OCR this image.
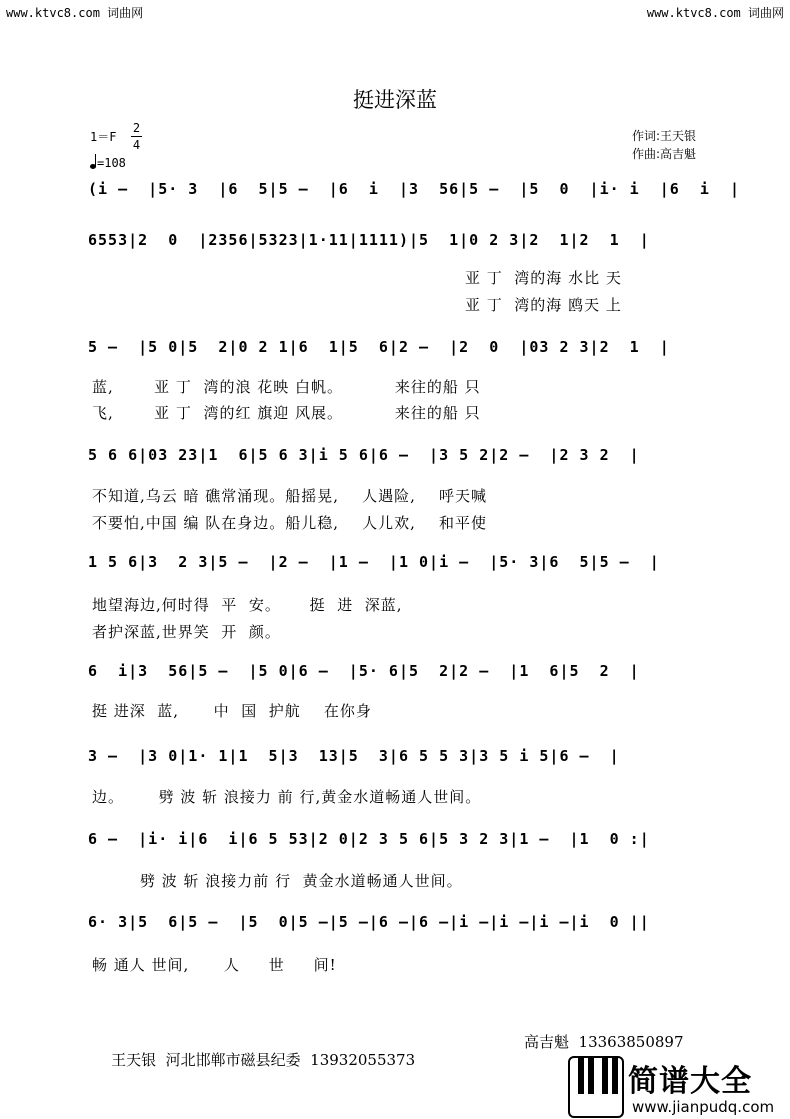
www.ktvc8.com 词曲网	www.ktvc8.com 词曲网
挺进深蓝
1＝F
2
4
=108
作词:王天银
作曲:高吉魁
(i –  |5· 3  |6  5|5 –  |6  i  |3  56|5 –  |5  0  |i· i  |6  i  |
6553|2  0  |2356|5323|1·11|1111)|5  1|0 2 3|2  1|2  1  |
亚 丁  湾的海 水比 天
亚 丁  湾的海 鸥天 上
5 –  |5 0|5  2|0 2 1|6  1|5  6|2 –  |2  0  |03 2 3|2  1  |
蓝,       亚 丁  湾的浪 花映 白帆。         来往的船 只
飞,       亚 丁  湾的红 旗迎 风展。         来往的船 只
5 6 6|03 23|1  6|5 6 3|i 5 6|6 –  |3 5 2|2 –  |2 3 2  |
不知道,乌云 暗 礁常涌现。船摇晃,    人遇险,    呼天喊
不要怕,中国 编 队在身边。船儿稳,    人儿欢,    和平使
1 5 6|3  2 3|5 –  |2 –  |1 –  |1 0|i –  |5· 3|6  5|5 –  |
地望海边,何时得  平  安。     挺  进  深蓝,
者护深蓝,世界笑  开  颜。
6  i|3  56|5 –  |5 0|6 –  |5· 6|5  2|2 –  |1  6|5  2  |
挺 进深  蓝,      中  国  护航    在你身
3 –  |3 0|1· 1|1  5|3  13|5  3|6 5 5 3|3 5 i 5|6 –  |
边。      劈 波 斩 浪接力 前 行,黄金水道畅通人世间。
6 –  |i· i|6  i|6 5 53|2 0|2 3 5 6|5 3 2 3|1 –  |1  0 :|
劈 波 斩 浪接力前 行  黄金水道畅通人世间。
6· 3|5  6|5 –  |5  0|5 –|5 –|6 –|6 –|i –|i –|i –|i  0 ||
畅 通人 世间,      人     世     间!

王天银  河北邯郸市磁县纪委  13932055373

高吉魁  13363850897

简谱大全
www.jianpudq.com
